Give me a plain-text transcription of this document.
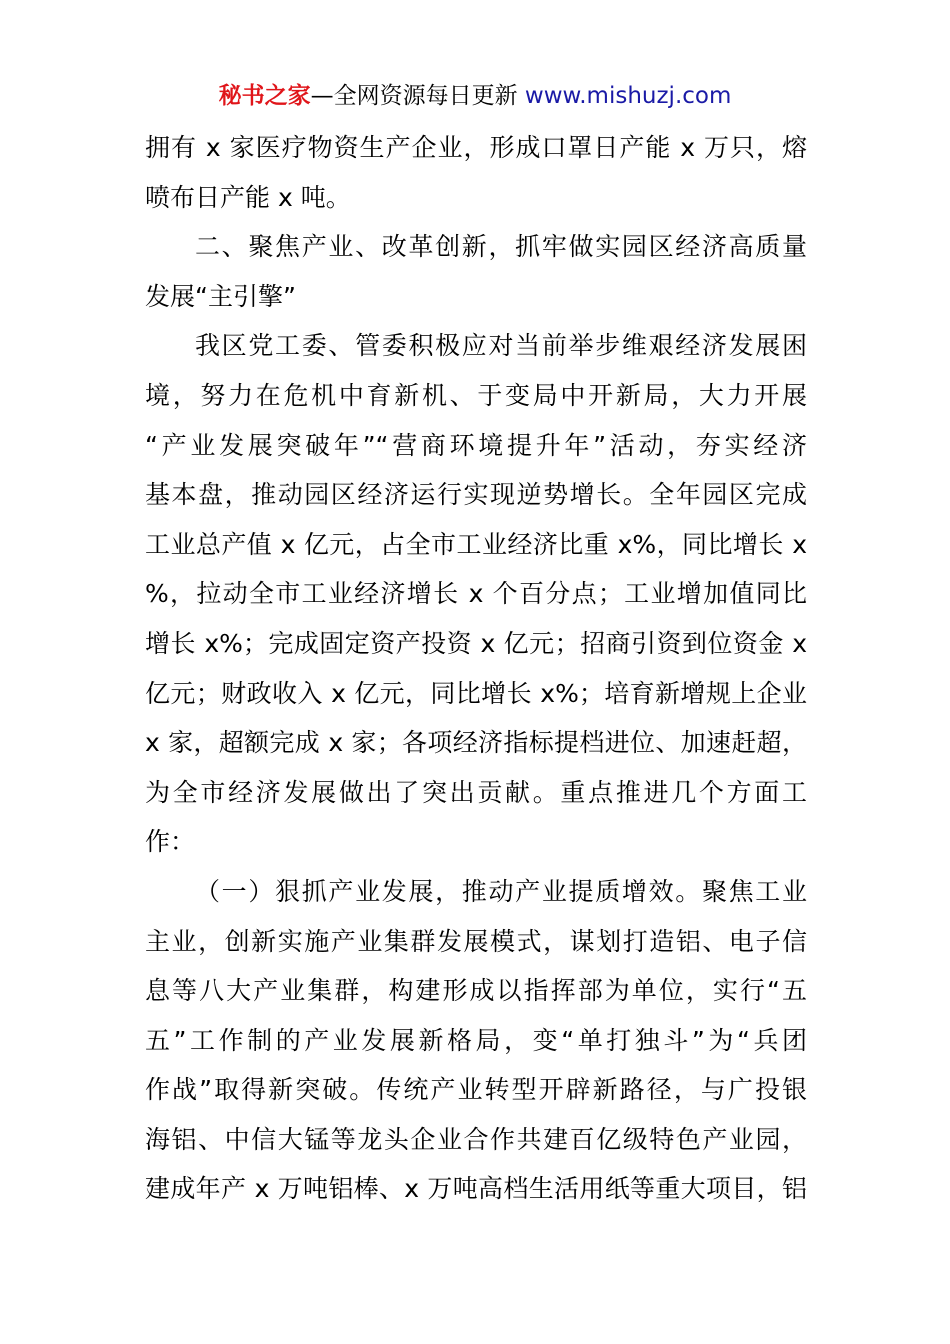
秘书之家—全网资源每日更新 www.mishuzj.com
拥有 x 家医疗物资生产企业，形成口罩日产能 x 万只，熔
喷布日产能 x 吨。
二、聚焦产业、改革创新，抓牢做实园区经济高质量
发展“主引擎”
我区党工委、管委积极应对当前举步维艰经济发展困
境，努力在危机中育新机、于变局中开新局，大力开展
“产业发展突破年”“营商环境提升年”活动，夯实经济
基本盘，推动园区经济运行实现逆势增长。全年园区完成
工业总产值 x 亿元，占全市工业经济比重 x%，同比增长 x
%，拉动全市工业经济增长 x 个百分点；工业增加值同比
增长 x%；完成固定资产投资 x 亿元；招商引资到位资金 x
亿元；财政收入 x 亿元，同比增长 x%；培育新增规上企业
x 家，超额完成 x 家；各项经济指标提档进位、加速赶超，
为全市经济发展做出了突出贡献。重点推进几个方面工
作：
（一）狠抓产业发展，推动产业提质增效。聚焦工业
主业，创新实施产业集群发展模式，谋划打造铝、电子信
息等八大产业集群，构建形成以指挥部为单位，实行“五
五”工作制的产业发展新格局，变“单打独斗”为“兵团
作战”取得新突破。传统产业转型开辟新路径，与广投银
海铝、中信大锰等龙头企业合作共建百亿级特色产业园，
建成年产 x 万吨铝棒、x 万吨高档生活用纸等重大项目，铝
